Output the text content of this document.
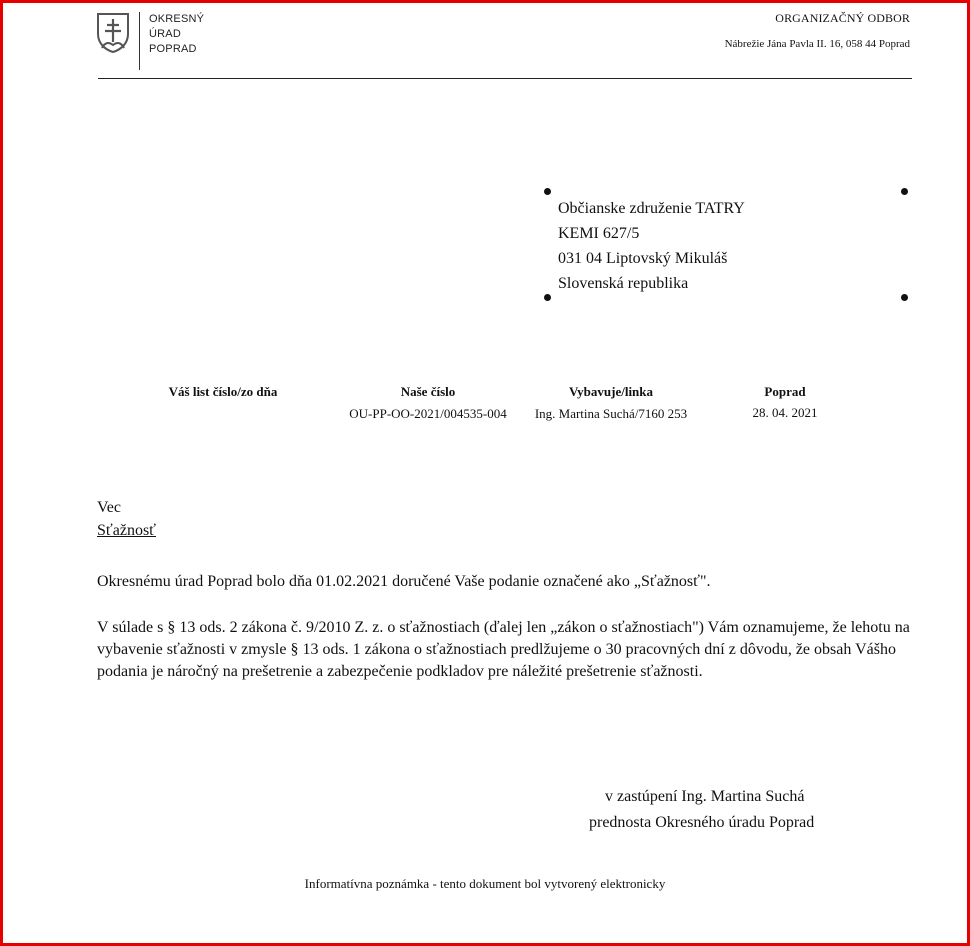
OKRESNÝ
ÚRAD
POPRAD
ORGANIZAČNÝ ODBOR
Nábrežie Jána Pavla II. 16, 058 44 Poprad
Občianske združenie TATRY
KEMI 627/5
031 04 Liptovský Mikuláš
Slovenská republika
Váš list číslo/zo dňa	Naše číslo
OU-PP-OO-2021/004535-004
Vybavuje/linka
Ing. Martina Suchá/7160 253
Poprad
28. 04. 2021
Vec
Sťažnosť
Okresnému úrad Poprad bolo dňa 01.02.2021 doručené Vaše podanie označené ako „Sťažnosť".
V súlade s § 13 ods. 2 zákona č. 9/2010 Z. z. o sťažnostiach (ďalej len „zákon o sťažnostiach") Vám oznamujeme, že lehotu na vybavenie sťažnosti v zmysle § 13 ods. 1 zákona o sťažnostiach predlžujeme o 30 pracovných dní z dôvodu, že obsah Vášho podania je náročný na prešetrenie a zabezpečenie podkladov pre náležité prešetrenie sťažnosti.
v zastúpení Ing. Martina Suchá
prednosta Okresného úradu Poprad
Informatívna poznámka - tento dokument bol vytvorený elektronicky
